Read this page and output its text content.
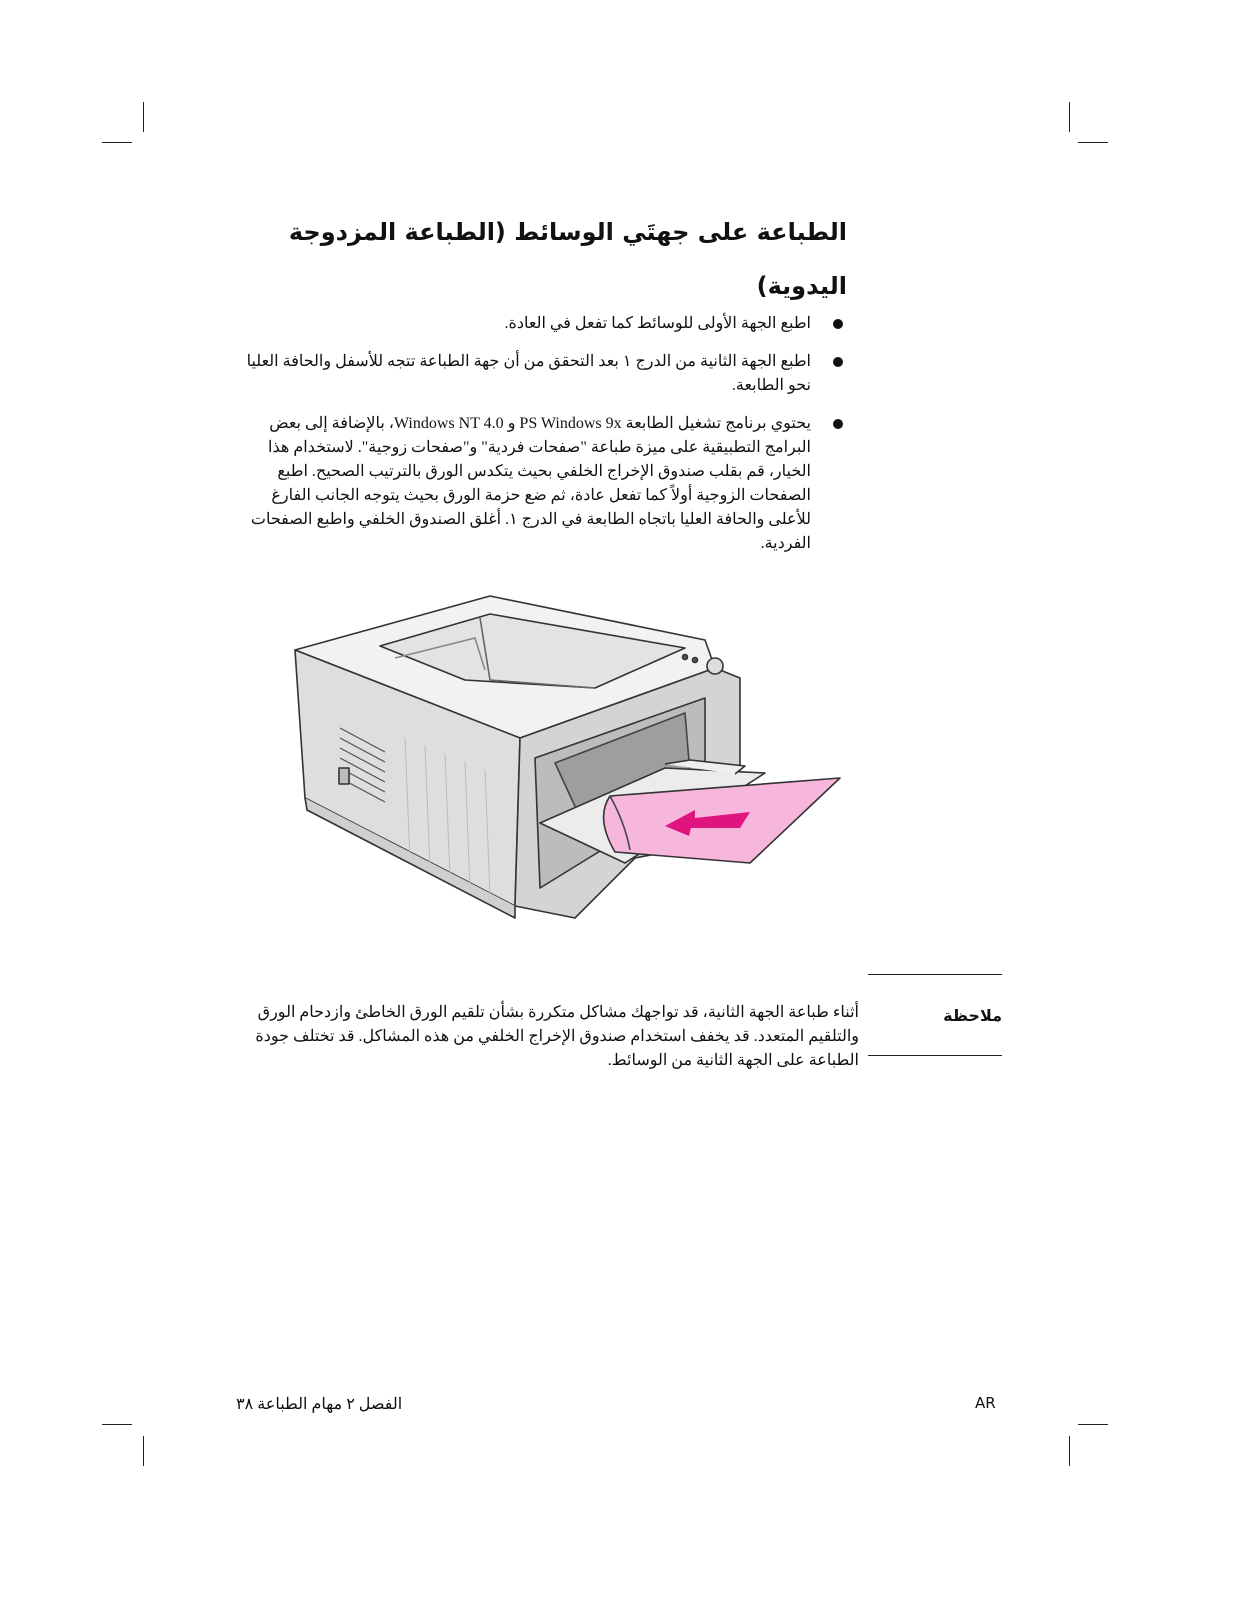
الطباعة على جهتَي الوسائط (الطباعة المزدوجة اليدوية)
اطبع الجهة الأولى للوسائط كما تفعل في العادة.
اطبع الجهة الثانية من الدرج ١ بعد التحقق من أن جهة الطباعة تتجه للأسفل والحافة العليا نحو الطابعة.
يحتوي برنامج تشغيل الطابعة PS Windows 9x و Windows NT 4.0، بالإضافة إلى بعض البرامج التطبيقية على ميزة طباعة "صفحات فردية" و"صفحات زوجية". لاستخدام هذا الخيار، قم بقلب صندوق الإخراج الخلفي بحيث يتكدس الورق بالترتيب الصحيح. اطبع الصفحات الزوجية أولاً كما تفعل عادة، ثم ضع حزمة الورق بحيث يتوجه الجانب الفارغ للأعلى والحافة العليا باتجاه الطابعة في الدرج ١. أغلق الصندوق الخلفي واطبع الصفحات الفردية.
ملاحظة

أثناء طباعة الجهة الثانية، قد تواجهك مشاكل متكررة بشأن تلقيم الورق الخاطئ وازدحام الورق والتلقيم المتعدد. قد يخفف استخدام صندوق الإخراج الخلفي من هذه المشاكل. قد تختلف جودة الطباعة على الجهة الثانية من الوسائط.

الفصل ٢ مهام الطباعة ٣٨	AR
